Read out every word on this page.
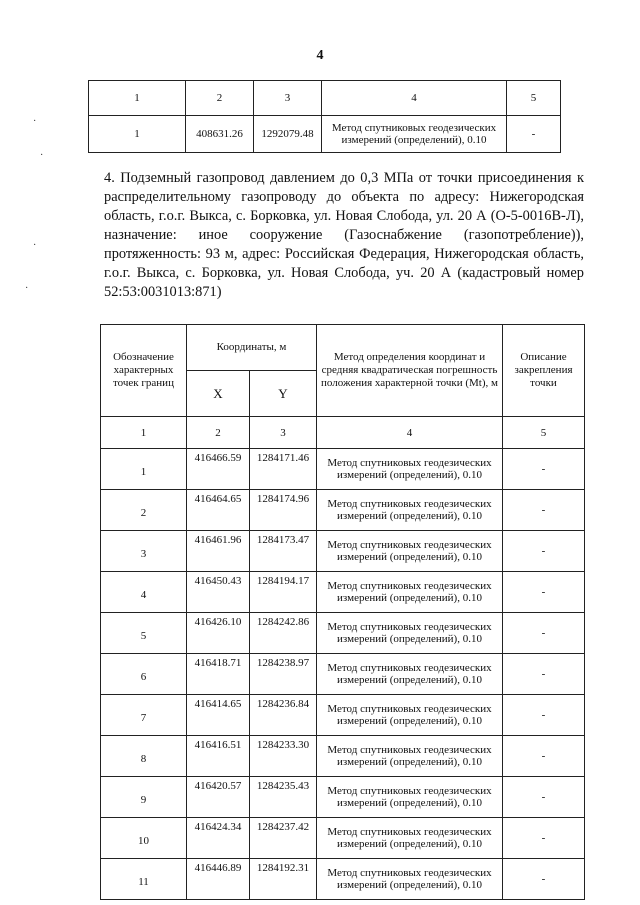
4
1	2	3	4	5
1	408631.26	1292079.48	Метод спутниковых геодезических измерений (определений), 0.10	-

4. Подземный газопровод давлением до 0,3 МПа от точки присоединения к распределительному газопроводу до объекта по адресу: Нижегородская область, г.о.г. Выкса, с. Борковка, ул. Новая Слобода, ул. 20 А (О-5-0016В-Л), назначение: иное сооружение (Газоснабжение (газопотребление)), протяженность: 93 м, адрес: Российская Федерация, Нижегородская область, г.о.г. Выкса, с. Борковка, ул. Новая Слобода, уч. 20 А (кадастровый номер 52:53:0031013:871)

Обозначение характерных точек границ	Координаты, м		Метод определения координат и средняя квадратическая погрешность положения характерной точки (Mt), м	Описание закрепления точки
	X	Y		
1	2	3	4	5
1	416466.59	1284171.46	Метод спутниковых геодезических измерений (определений), 0.10	-
2	416464.65	1284174.96	Метод спутниковых геодезических измерений (определений), 0.10	-
3	416461.96	1284173.47	Метод спутниковых геодезических измерений (определений), 0.10	-
4	416450.43	1284194.17	Метод спутниковых геодезических измерений (определений), 0.10	-
5	416426.10	1284242.86	Метод спутниковых геодезических измерений (определений), 0.10	-
6	416418.71	1284238.97	Метод спутниковых геодезических измерений (определений), 0.10	-
7	416414.65	1284236.84	Метод спутниковых геодезических измерений (определений), 0.10	-
8	416416.51	1284233.30	Метод спутниковых геодезических измерений (определений), 0.10	-
9	416420.57	1284235.43	Метод спутниковых геодезических измерений (определений), 0.10	-
10	416424.34	1284237.42	Метод спутниковых геодезических измерений (определений), 0.10	-
11	416446.89	1284192.31	Метод спутниковых геодезических измерений (определений), 0.10	-
·
·
·
·
